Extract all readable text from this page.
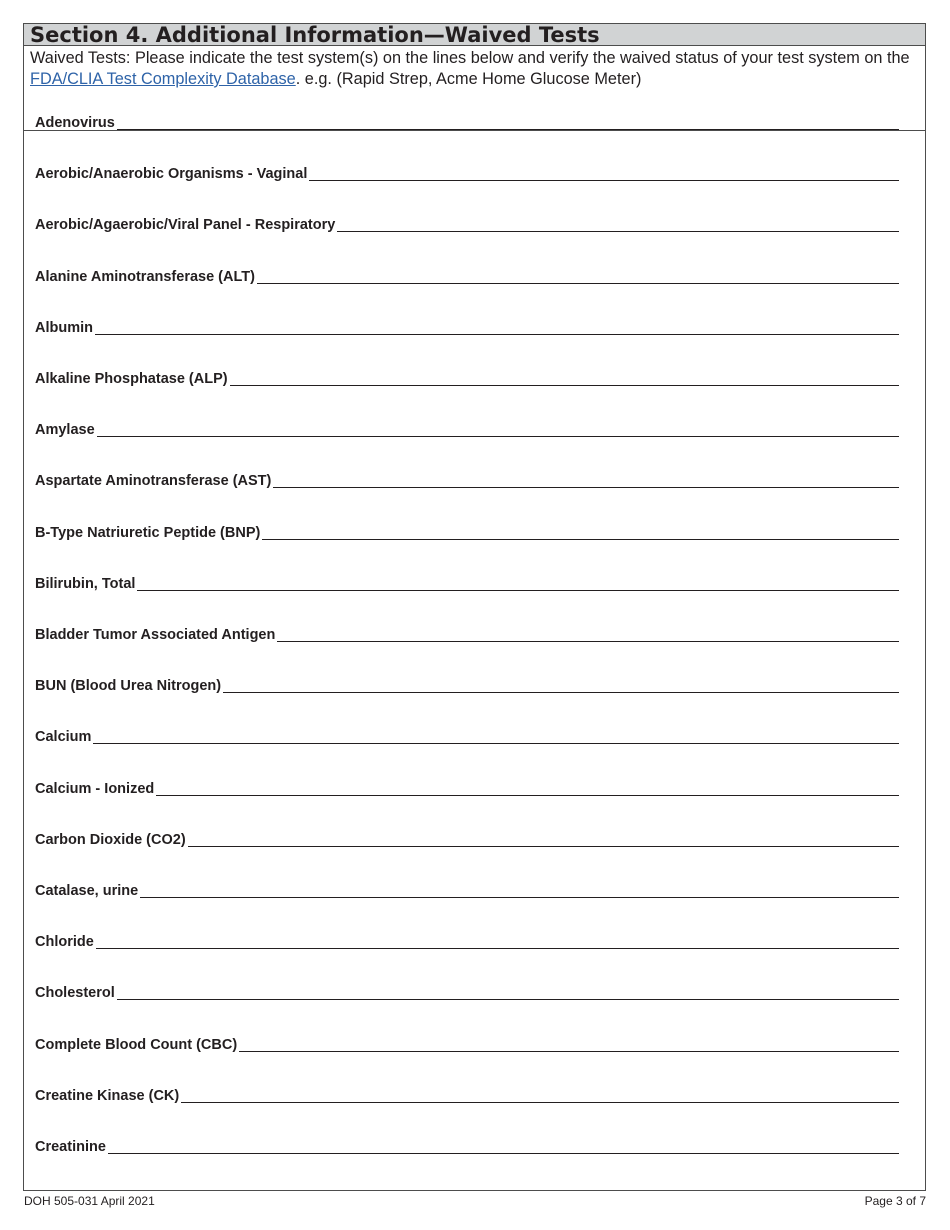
Section 4. Additional Information—Waived Tests
Waived Tests: Please indicate the test system(s) on the lines below and verify the waived status of your test system on the FDA/CLIA Test Complexity Database. e.g. (Rapid Strep, Acme Home Glucose Meter)
Adenovirus
Aerobic/Anaerobic Organisms - Vaginal
Aerobic/Agaerobic/Viral Panel - Respiratory
Alanine Aminotransferase (ALT)
Albumin
Alkaline Phosphatase (ALP)
Amylase
Aspartate Aminotransferase (AST)
B-Type Natriuretic Peptide (BNP)
Bilirubin, Total
Bladder Tumor Associated Antigen
BUN (Blood Urea Nitrogen)
Calcium
Calcium - Ionized
Carbon Dioxide (CO2)
Catalase, urine
Chloride
Cholesterol
Complete Blood Count (CBC)
Creatine Kinase (CK)
Creatinine
DOH 505-031 April 2021	Page 3 of 7
